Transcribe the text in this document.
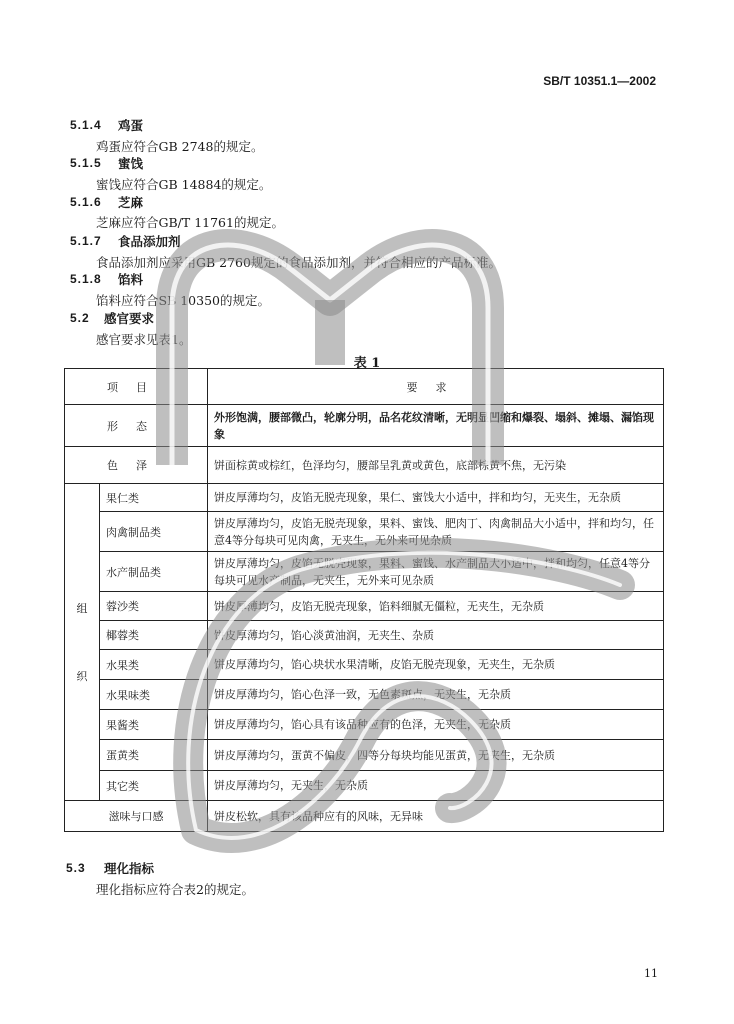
SB/T 10351.1—2002
5.1.4 鸡蛋
鸡蛋应符合GB 2748的规定。
5.1.5 蜜饯
蜜饯应符合GB 14884的规定。
5.1.6 芝麻
芝麻应符合GB/T 11761的规定。
5.1.7 食品添加剂
食品添加剂应采用GB 2760规定的食品添加剂，并符合相应的产品标准。
5.1.8 馅料
馅料应符合SB 10350的规定。
5.2 感官要求
感官要求见表1。
表 1
项目		要求
形态		外形饱满，腰部微凸，轮廓分明，品名花纹清晰，无明显凹缩和爆裂、塌斜、摊塌、漏馅现象
色泽		饼面棕黄或棕红，色泽均匀，腰部呈乳黄或黄色，底部棕黄不焦，无污染

组
织	果仁类	饼皮厚薄均匀，皮馅无脱壳现象，果仁、蜜饯大小适中，拌和均匀，无夹生，无杂质
	肉禽制品类	饼皮厚薄均匀，皮馅无脱壳现象，果料、蜜饯、肥肉丁、肉禽制品大小适中，拌和均匀，任意4等分每块可见肉禽，无夹生，无外来可见杂质
	水产制品类	饼皮厚薄均匀，皮馅无脱壳现象，果料、蜜饯、水产制品大小适中，拌和均匀，任意4等分每块可见水产制品，无夹生，无外来可见杂质
	蓉沙类	饼皮厚薄均匀，皮馅无脱壳现象，馅料细腻无僵粒，无夹生，无杂质
	椰蓉类	饼皮厚薄均匀，馅心淡黄油润，无夹生、杂质
	水果类	饼皮厚薄均匀，馅心块状水果清晰，皮馅无脱壳现象，无夹生，无杂质
	水果味类	饼皮厚薄均匀，馅心色泽一致，无色素斑点，无夹生，无杂质
	果酱类	饼皮厚薄均匀，馅心具有该品种应有的色泽，无夹生，无杂质
	蛋黄类	饼皮厚薄均匀，蛋黄不偏皮，四等分每块均能见蛋黄，无夹生，无杂质
	其它类	饼皮厚薄均匀，无夹生，无杂质
滋味与口感		饼皮松软，具有该品种应有的风味，无异味
5.3 理化指标
理化指标应符合表2的规定。
11
